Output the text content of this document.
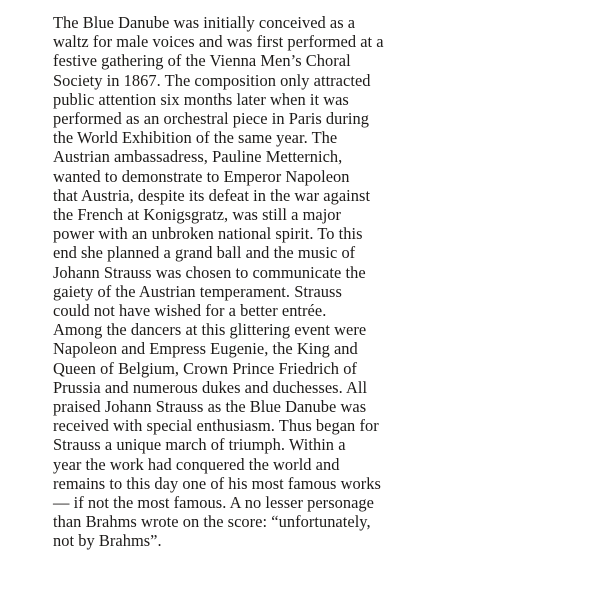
The Blue Danube was initially conceived as a
waltz for male voices and was first performed at a
festive gathering of the Vienna Men’s Choral
Society in 1867. The composition only attracted
public attention six months later when it was
performed as an orchestral piece in Paris during
the World Exhibition of the same year. The
Austrian ambassadress, Pauline Metternich,
wanted to demonstrate to Emperor Napoleon
that Austria, despite its defeat in the war against
the French at Konigsgratz, was still a major
power with an unbroken national spirit. To this
end she planned a grand ball and the music of
Johann Strauss was chosen to communicate the
gaiety of the Austrian temperament. Strauss
could not have wished for a better entrée.
Among the dancers at this glittering event were
Napoleon and Empress Eugenie, the King and
Queen of Belgium, Crown Prince Friedrich of
Prussia and numerous dukes and duchesses. All
praised Johann Strauss as the Blue Danube was
received with special enthusiasm. Thus began for
Strauss a unique march of triumph. Within a
year the work had conquered the world and
remains to this day one of his most famous works
— if not the most famous. A no lesser personage
than Brahms wrote on the score: “unfortunately,
not by Brahms”.
